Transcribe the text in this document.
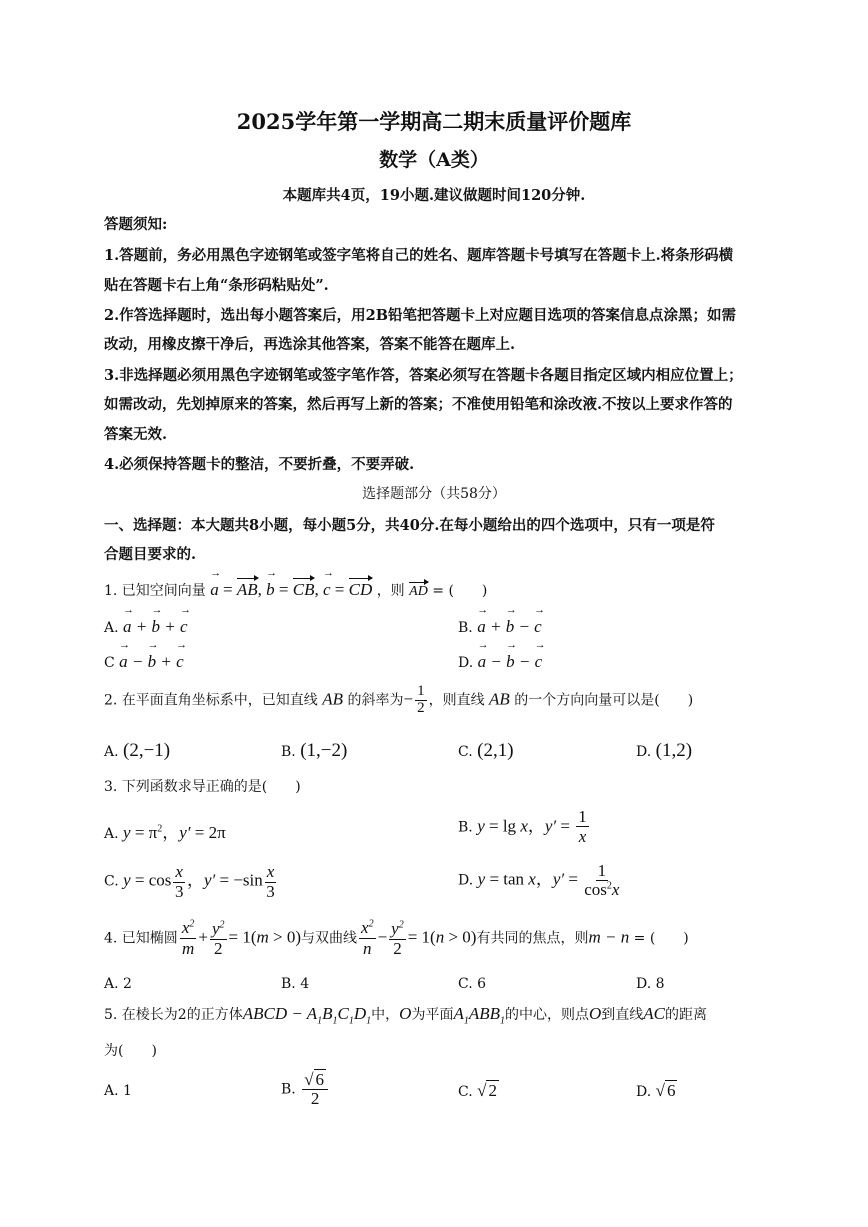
2025学年第一学期高二期末质量评价题库
数学（A类）
本题库共4页，19小题.建议做题时间120分钟.
答题须知:
1.答题前，务必用黑色字迹钢笔或签字笔将自己的姓名、题库答题卡号填写在答题卡上.将条形码横
贴在答题卡右上角“条形码粘贴处”.
2.作答选择题时，选出每小题答案后，用2B铅笔把答题卡上对应题目选项的答案信息点涂黑；如需
改动，用橡皮擦干净后，再选涂其他答案，答案不能答在题库上.
3.非选择题必须用黑色字迹钢笔或签字笔作答，答案必须写在答题卡各题目指定区域内相应位置上；
如需改动，先划掉原来的答案，然后再写上新的答案；不准使用铅笔和涂改液.不按以上要求作答的
答案无效.
4.必须保持答题卡的整洁，不要折叠，不要弄破.
选择题部分（共58分）
一、选择题：本大题共8小题，每小题5分，共40分.在每小题给出的四个选项中，只有一项是符
合题目要求的.
1. 已知空间向量 → a = AB, → b = CB, → c = CD ，则 AD = (　　)
A. → a + → b + → c	B. → a + → b − → c
C → a − → b + → c	D. → a − → b − → c
2. 在平面直角坐标系中，已知直线 AB 的斜率为− $\frac{1}{2}$ ，则直线 AB 的一个方向向量可以是(　　)
A. (2,−1)	B. (1,−2)	C. (2,1)	D. (1,2)
3. 下列函数求导正确的是(　　)
A. $y = \pi^2$，y′ = 2π	B. y = lg x，$y' = \frac{1}{x}$
C. $y = \cos \frac{x}{3}$ ，$y' = -\sin \frac{x}{3}$	D. y = tan x，$y' = \frac{1}{\cos^2x}$
4. 已知椭圆 $\frac{x^2}{m} + \frac{y^2}{2} = 1(m > 0)$与双曲线 $\frac{x^2}{n} - \frac{y^2}{2} = 1(n > 0)$有共同的焦点，则m − n = (　　)
A. 2	B. 4	C. 6	D. 8
5. 在棱长为2的正方体ABCD − $A_1B_1C_1D_1$中，O为平面$A_1ABB_1$的中心，则点O到直线AC的距离
为(　　)
A. 1	B. $\frac{√ 6}{2}$	C. √ 2	D. √ 6
